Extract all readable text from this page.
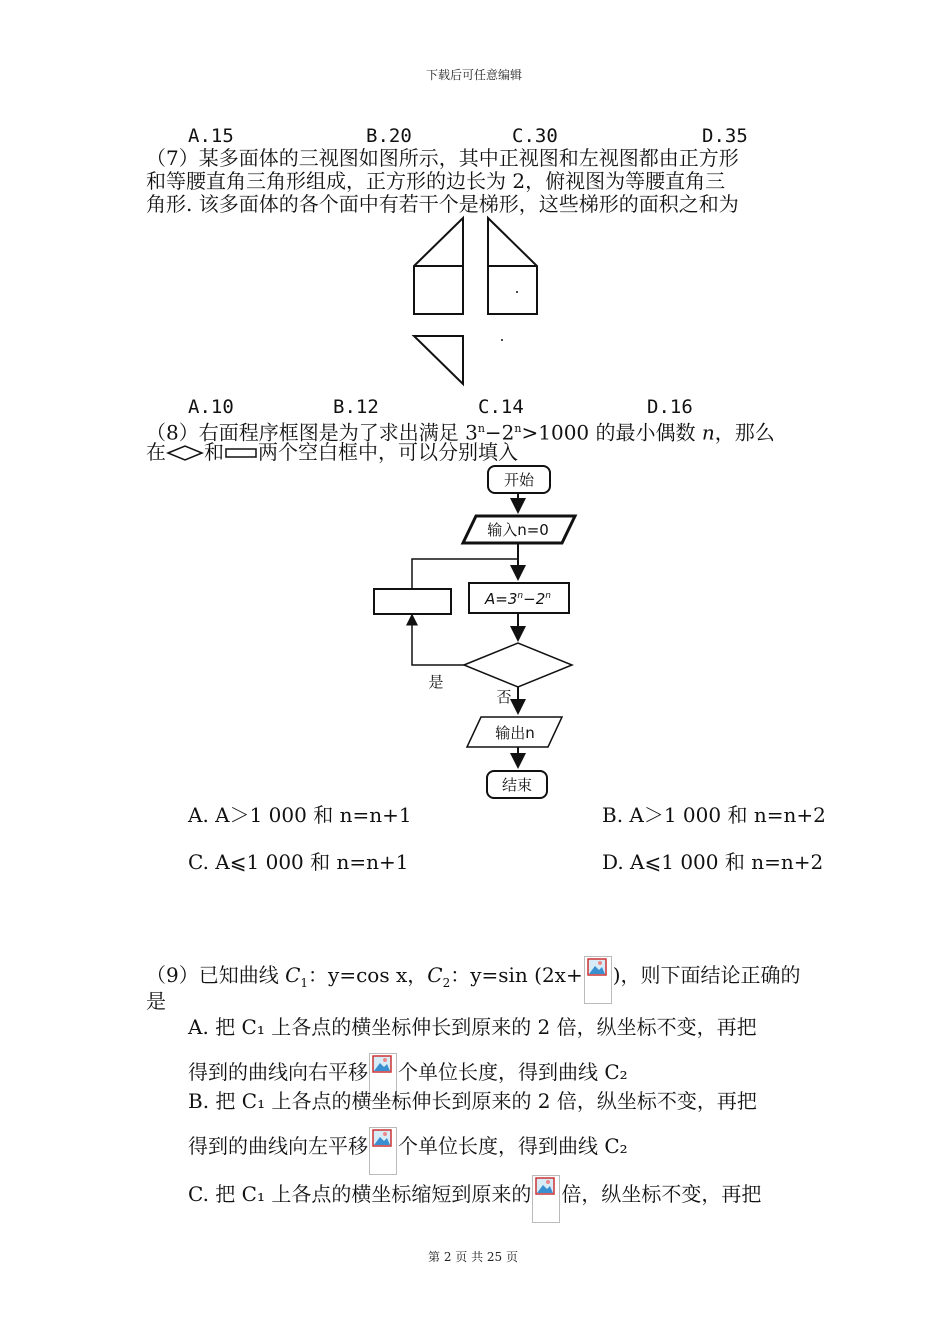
下载后可任意编辑
A.15	B.20	C.30	D.35
（7）某多面体的三视图如图所示，其中正视图和左视图都由正方形
和等腰直角三角形组成，正方形的边长为 2，俯视图为等腰直角三
角形. 该多面体的各个面中有若干个是梯形，这些梯形的面积之和为
A.10	B.12	C.14	D.16
（8）右面程序框图是为了求出满足 $3^n-2^n>1000$ 的最小偶数 n，那么
在 和 两个空白框中，可以分别填入
开始
输入n=0
$A=3^n-2^n$
是
否
输出n
结束
A. A＞1 000 和 n=n+1	B. A＞1 000 和 n=n+2
C. A⩽1 000 和 n=n+1	D. A⩽1 000 和 n=n+2
（9）已知曲线 $C_1$：y=cos x，$C_2$：y=sin (2x+ )，则下面结论正确的
是
A. 把 C₁ 上各点的横坐标伸长到原来的 2 倍，纵坐标不变，再把
得到的曲线向右平移 个单位长度，得到曲线 C₂
B. 把 C₁ 上各点的横坐标伸长到原来的 2 倍，纵坐标不变，再把
得到的曲线向左平移 个单位长度，得到曲线 C₂
C. 把 C₁ 上各点的横坐标缩短到原来的 倍，纵坐标不变，再把
第 2 页 共 25 页
